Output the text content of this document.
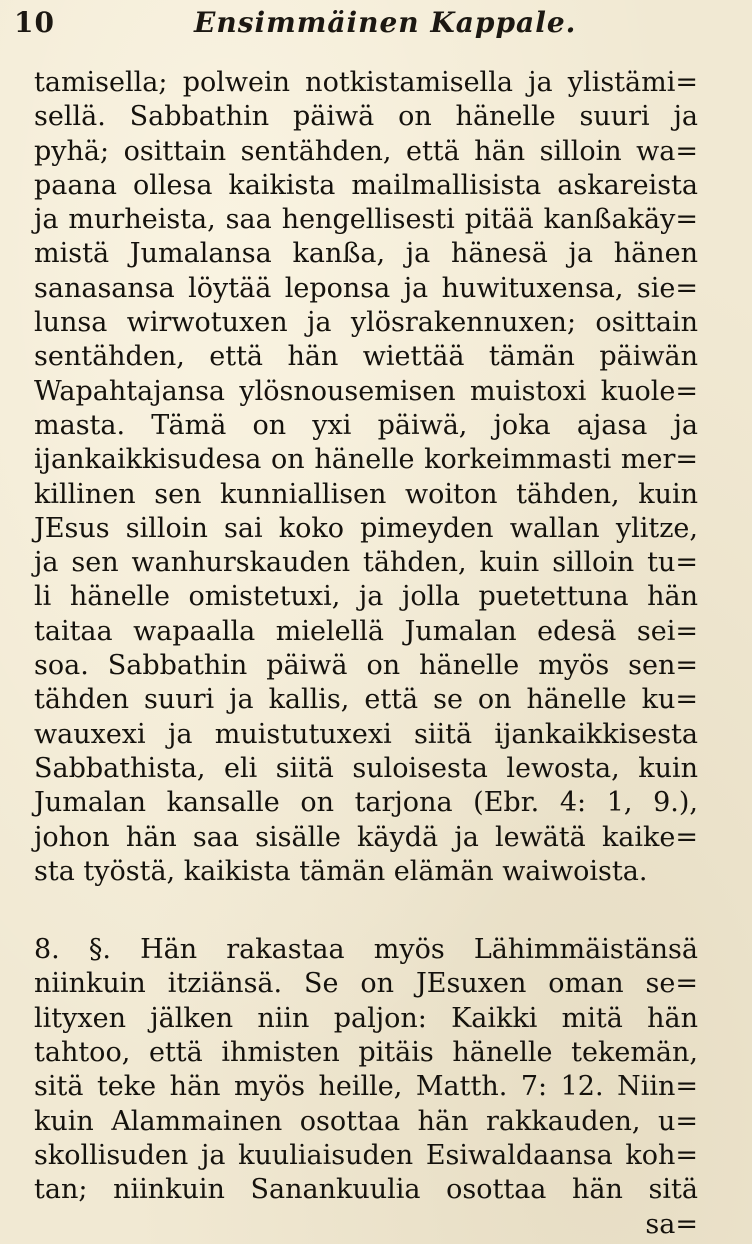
10	Ensimmäinen Kappale.
tamisella; polwein notkistamisella ja ylistämi=
sellä. Sabbathin päiwä on hänelle suuri ja
pyhä; osittain sentähden, että hän silloin wa=
paana ollesa kaikista mailmallisista askareista
ja murheista, saa hengellisesti pitää kanßakäy=
mistä Jumalansa kanßa, ja hänesä ja hänen
sanasansa löytää leponsa ja huwituxensa, sie=
lunsa wirwotuxen ja ylösrakennuxen; osittain
sentähden, että hän wiettää tämän päiwän
Wapahtajansa ylösnousemisen muistoxi kuole=
masta. Tämä on yxi päiwä, joka ajasa ja
ijankaikkisudesa on hänelle korkeimmasti mer=
killinen sen kunniallisen woiton tähden, kuin
JEsus silloin sai koko pimeyden wallan ylitze,
ja sen wanhurskauden tähden, kuin silloin tu=
li hänelle omistetuxi, ja jolla puetettuna hän
taitaa wapaalla mielellä Jumalan edesä sei=
soa. Sabbathin päiwä on hänelle myös sen=
tähden suuri ja kallis, että se on hänelle ku=
wauxexi ja muistutuxexi siitä ijankaikkisesta
Sabbathista, eli siitä suloisesta lewosta, kuin
Jumalan kansalle on tarjona (Ebr. 4: 1, 9.),
johon hän saa sisälle käydä ja lewätä kaike=
sta työstä, kaikista tämän elämän waiwoista.
8. §. Hän rakastaa myös Lähimmäistänsä
niinkuin itziänsä. Se on JEsuxen oman se=
lityxen jälken niin paljon: Kaikki mitä hän
tahtoo, että ihmisten pitäis hänelle tekemän,
sitä teke hän myös heille, Matth. 7: 12. Niin=
kuin Alammainen osottaa hän rakkauden, u=
skollisuden ja kuuliaisuden Esiwaldaansa koh=
tan; niinkuin Sanankuulia osottaa hän sitä
sa=
